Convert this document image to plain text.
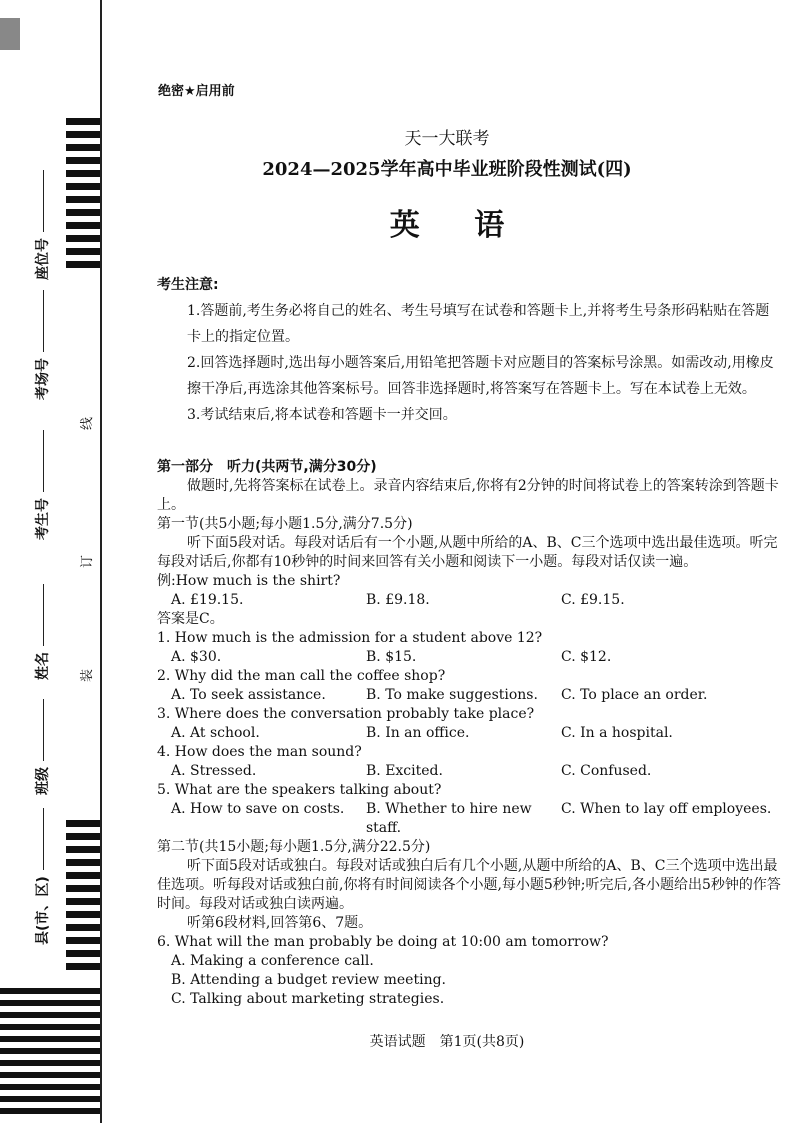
座位号
考场号
考生号
姓名
班级
县(市、区)
线
订
装
绝密★启用前
天一大联考
2024—2025学年高中毕业班阶段性测试(四)
英 语
考生注意:
1.答题前,考生务必将自己的姓名、考生号填写在试卷和答题卡上,并将考生号条形码粘贴在答题卡上的指定位置。
2.回答选择题时,选出每小题答案后,用铅笔把答题卡对应题目的答案标号涂黑。如需改动,用橡皮擦干净后,再选涂其他答案标号。回答非选择题时,将答案写在答题卡上。写在本试卷上无效。
3.考试结束后,将本试卷和答题卡一并交回。
第一部分　听力(共两节,满分30分)
做题时,先将答案标在试卷上。录音内容结束后,你将有2分钟的时间将试卷上的答案转涂到答题卡上。
第一节(共5小题;每小题1.5分,满分7.5分)
听下面5段对话。每段对话后有一个小题,从题中所给的A、B、C三个选项中选出最佳选项。听完每段对话后,你都有10秒钟的时间来回答有关小题和阅读下一小题。每段对话仅读一遍。
例:How much is the shirt?
A. £19.15.	B. £9.18.	C. £9.15.
答案是C。
1. How much is the admission for a student above 12?
A. $30.	B. $15.	C. $12.
2. Why did the man call the coffee shop?
A. To seek assistance.	B. To make suggestions.	C. To place an order.
3. Where does the conversation probably take place?
A. At school.	B. In an office.	C. In a hospital.
4. How does the man sound?
A. Stressed.	B. Excited.	C. Confused.
5. What are the speakers talking about?
A. How to save on costs.	B. Whether to hire new staff.
C. When to lay off employees.
第二节(共15小题;每小题1.5分,满分22.5分)
听下面5段对话或独白。每段对话或独白后有几个小题,从题中所给的A、B、C三个选项中选出最佳选项。听每段对话或独白前,你将有时间阅读各个小题,每小题5秒钟;听完后,各小题给出5秒钟的作答时间。每段对话或独白读两遍。
听第6段材料,回答第6、7题。
6. What will the man probably be doing at 10:00 am tomorrow?
A. Making a conference call.
B. Attending a budget review meeting.
C. Talking about marketing strategies.
英语试题　第1页(共8页)
